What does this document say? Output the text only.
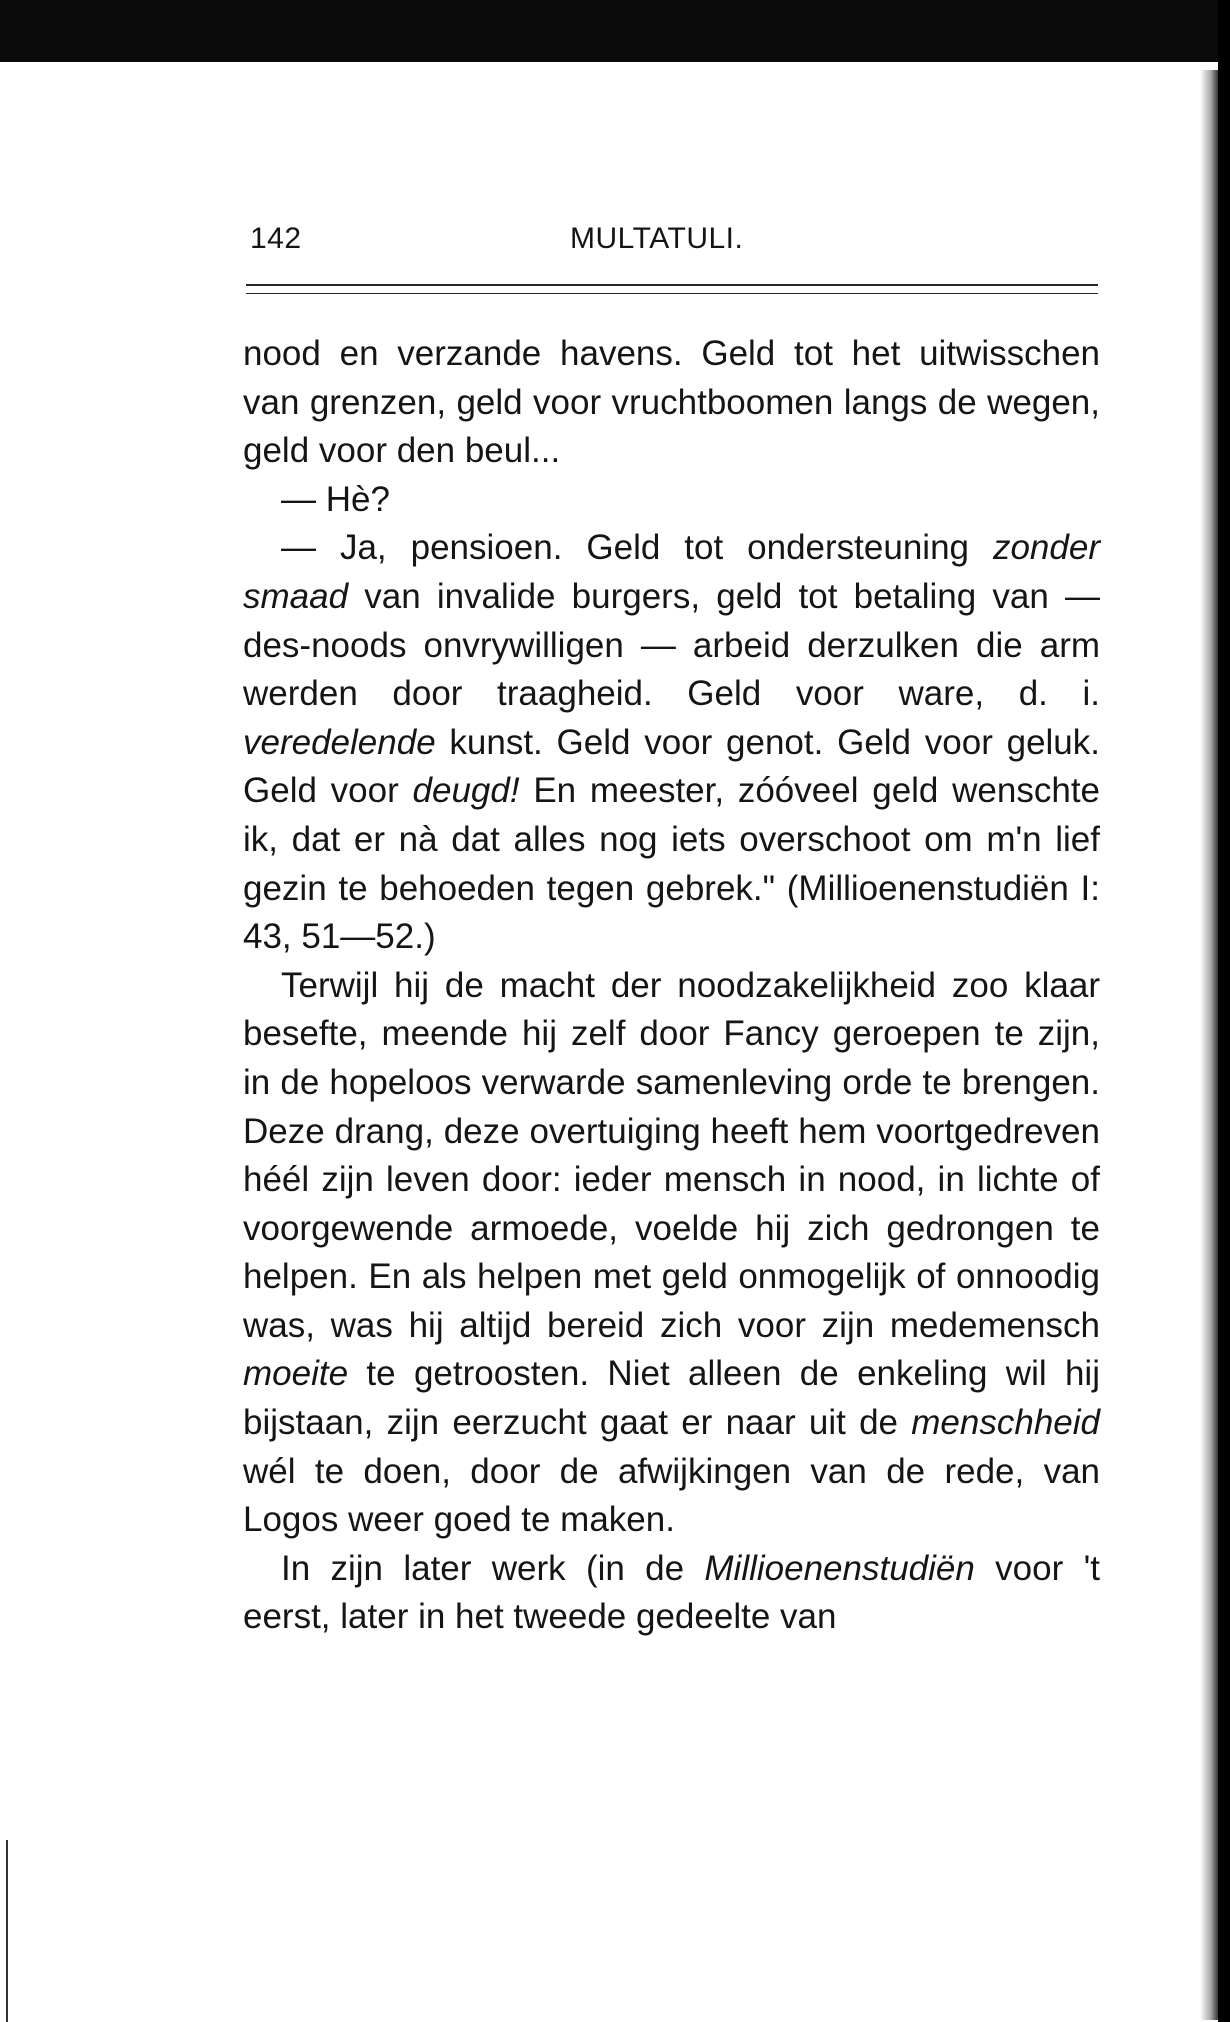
142	MULTATULI.

nood en verzande havens. Geld tot het uitwisschen van grenzen, geld voor vruchtboomen langs de wegen, geld voor den beul...

— Hè?

— Ja, pensioen. Geld tot ondersteuning zonder smaad van invalide burgers, geld tot betaling van — des-noods onvrywilligen — arbeid derzulken die arm werden door traagheid. Geld voor ware, d. i. veredelende kunst. Geld voor genot. Geld voor geluk. Geld voor deugd! En meester, zóóveel geld wenschte ik, dat er nà dat alles nog iets overschoot om m'n lief gezin te behoeden tegen gebrek." (Millioenenstudiën I: 43, 51—52.)

Terwijl hij de macht der noodzakelijkheid zoo klaar besefte, meende hij zelf door Fancy geroepen te zijn, in de hopeloos verwarde samenleving orde te brengen. Deze drang, deze overtuiging heeft hem voortgedreven héél zijn leven door: ieder mensch in nood, in lichte of voorgewende armoede, voelde hij zich gedrongen te helpen. En als helpen met geld onmogelijk of onnoodig was, was hij altijd bereid zich voor zijn medemensch moeite te getroosten. Niet alleen de enkeling wil hij bijstaan, zijn eerzucht gaat er naar uit de menschheid wél te doen, door de afwijkingen van de rede, van Logos weer goed te maken.

In zijn later werk (in de Millioenenstudiën voor 't eerst, later in het tweede gedeelte van
